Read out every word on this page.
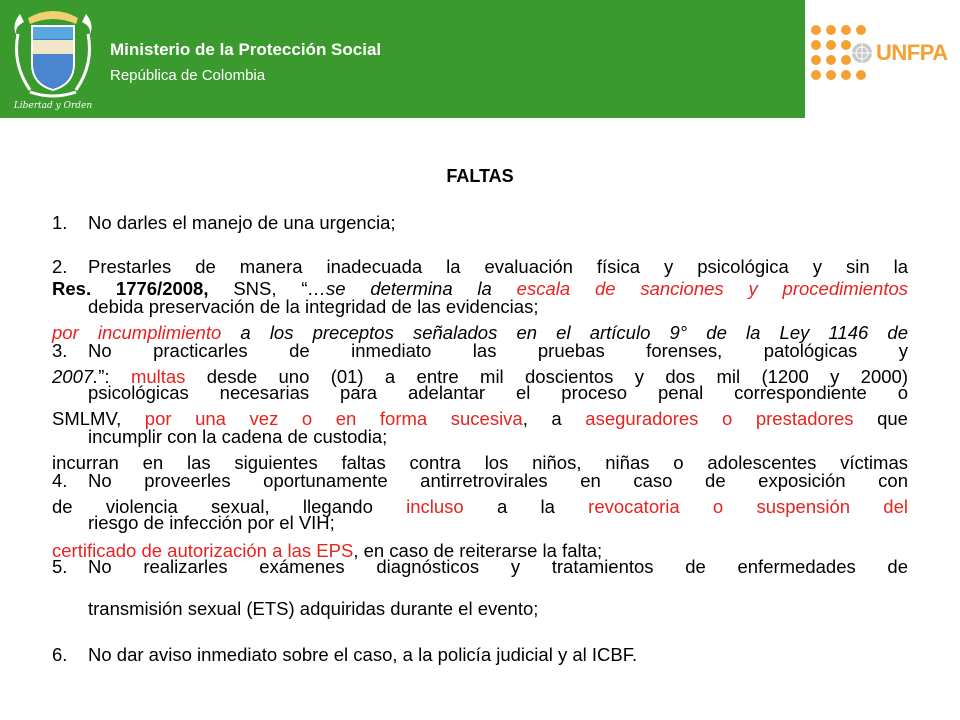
Libertad y Orden
Ministerio de la Protección Social
República de Colombia
UNFPA
FALTAS
1. No darles el manejo de una urgencia;
2. Prestarles de manera inadecuada la evaluación física y psicológica y sin la
debida preservación de la integridad de las evidencias;
3. No practicarles de inmediato las pruebas forenses, patológicas y
psicológicas necesarias para adelantar el proceso penal correspondiente o
incumplir con la cadena de custodia;
4. No proveerles oportunamente antirretrovirales en caso de exposición con
riesgo de infección por el VIH;
5. No realizarles exámenes diagnósticos y tratamientos de enfermedades de
transmisión sexual (ETS) adquiridas durante el evento;
6. No dar aviso inmediato sobre el caso, a la policía judicial y al ICBF.
Res. 1776/2008, SNS, “…se determina la escala de sanciones y procedimientos
por incumplimiento a los preceptos señalados en el artículo 9° de la Ley 1146 de
2007.”: multas desde uno (01) a entre mil doscientos y dos mil (1200 y 2000)
SMLMV, por una vez o en forma sucesiva, a aseguradores o prestadores que
incurran en las siguientes faltas contra los niños, niñas o adolescentes víctimas
de violencia sexual, llegando incluso a la revocatoria o suspensión del
certificado de autorización a las EPS, en caso de reiterarse la falta;
